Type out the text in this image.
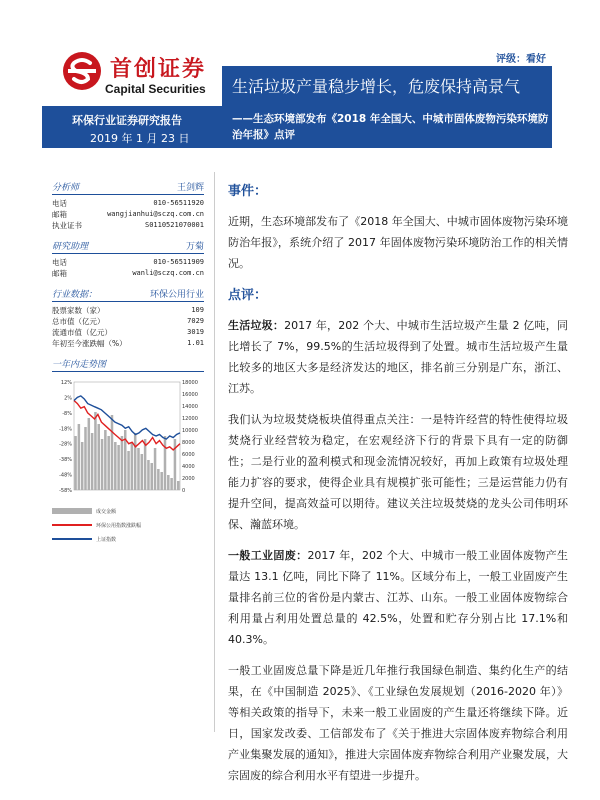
首创证券
Capital Securities
评级：看好
生活垃圾产量稳步增长，危废保持高景气
环保行业证券研究报告
2019 年 1 月 23 日
——生态环境部发布《2018 年全国大、中城市固体废物污染环境防治年报》点评
分析师	王剑辉
电话	010-56511920
邮箱	wangjianhui@sczq.com.cn
执业证书	S0110521070001
研究助理	万菊
电话	010-56511909
邮箱	wanli@sczq.com.cn
行业数据：	环保公用行业
股票家数（家）	109
总市值（亿元）	7029
流通市值（亿元）	3019
年初至今涨跌幅（%）	1.01
一年内走势图
12%
2%
-8%
-18%
-28%
-38%
-48%
-58%
18000
16000
14000
12000
10000
8000
6000
4000
2000
0
成交金额
环保公用指数涨跌幅
上证指数
事件：

近期，生态环境部发布了《2018 年全国大、中城市固体废物污染环境防治年报》，系统介绍了 2017 年固体废物污染环境防治工作的相关情况。

点评：

生活垃圾：2017 年，202 个大、中城市生活垃圾产生量 2 亿吨，同比增长了 7%，99.5%的生活垃圾得到了处置。城市生活垃圾产生量比较多的地区大多是经济发达的地区，排名前三分别是广东，浙江、江苏。

我们认为垃圾焚烧板块值得重点关注：一是特许经营的特性使得垃圾焚烧行业经营较为稳定，在宏观经济下行的背景下具有一定的防御性；二是行业的盈利模式和现金流情况较好，再加上政策有垃圾处理能力扩容的要求，使得企业具有规模扩张可能性；三是运营能力仍有提升空间，提高效益可以期待。建议关注垃圾焚烧的龙头公司伟明环保、瀚蓝环境。

一般工业固废：2017 年，202 个大、中城市一般工业固体废物产生量达 13.1 亿吨，同比下降了 11%。区域分布上，一般工业固废产生量排名前三位的省份是内蒙古、江苏、山东。一般工业固体废物综合利用量占利用处置总量的 42.5%，处置和贮存分别占比 17.1%和 40.3%。

一般工业固废总量下降是近几年推行我国绿色制造、集约化生产的结果，在《中国制造 2025》、《工业绿色发展规划（2016-2020 年）》等相关政策的指导下，未来一般工业固废的产生量还将继续下降。近日，国家发改委、工信部发布了《关于推进大宗固体废弃物综合利用产业集聚发展的通知》，推进大宗固体废弃物综合利用产业聚发展，大宗固废的综合利用水平有望进一步提升。
